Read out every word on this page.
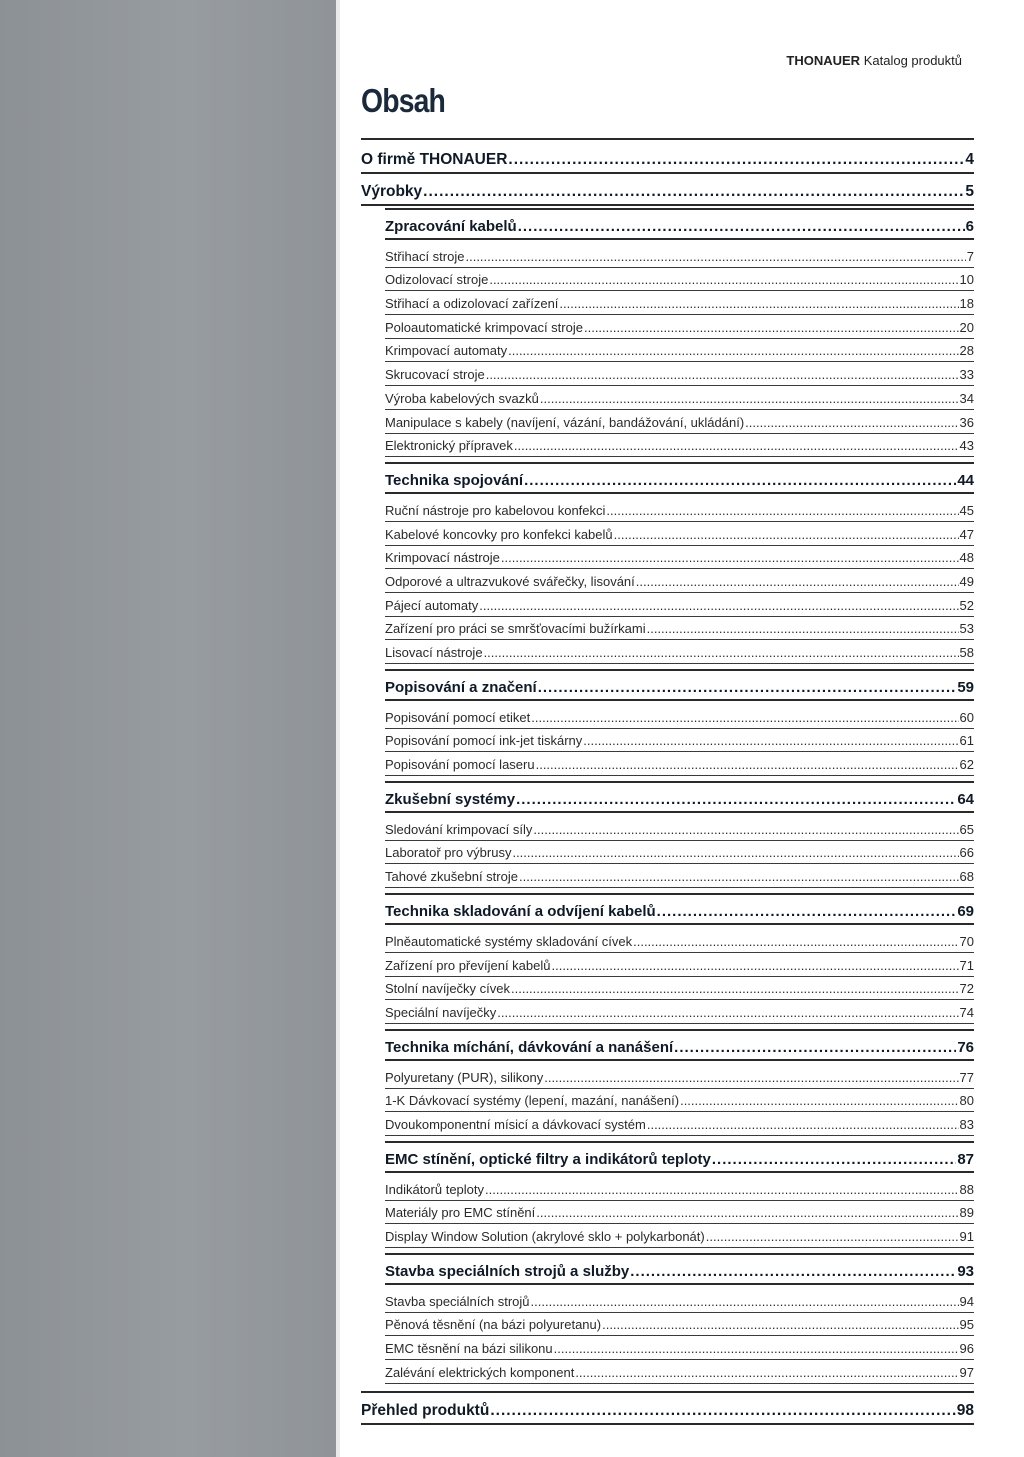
THONAUER Katalog produktů
Obsah
O firmě THONAUER .....	4
Výrobky .....	5
Zpracování kabelů .....	6
Střihací stroje .....	7
Odizolovací stroje .....	10
Střihací a odizolovací zařízení .....	18
Poloautomatické krimpovací stroje .....	20
Krimpovací automaty .....	28
Skrucovací stroje .....	33
Výroba kabelových svazků .....	34
Manipulace s kabely (navíjení, vázání, bandážování, ukládání) .....	36
Elektronický přípravek .....	43
Technika spojování .....	44
Ruční nástroje pro kabelovou konfekci .....	45
Kabelové koncovky pro konfekci kabelů .....	47
Krimpovací nástroje .....	48
Odporové a ultrazvukové svářečky, lisování .....	49
Pájecí automaty .....	52
Zařízení pro práci se smršťovacími bužírkami .....	53
Lisovací nástroje .....	58
Popisování a značení .....	59
Popisování pomocí etiket .....	60
Popisování pomocí ink-jet tiskárny .....	61
Popisování pomocí laseru .....	62
Zkušební systémy .....	64
Sledování krimpovací síly .....	65
Laboratoř pro výbrusy .....	66
Tahové zkušební stroje .....	68
Technika skladování a odvíjení kabelů .....	69
Plněautomatické systémy skladování cívek .....	70
Zařízení pro převíjení kabelů .....	71
Stolní navíječky cívek .....	72
Speciální navíječky .....	74
Technika míchání, dávkování a nanášení .....	76
Polyuretany (PUR), silikony .....	77
1-K Dávkovací systémy (lepení, mazání, nanášení) .....	80
Dvoukomponentní mísicí a dávkovací systém .....	83
EMC stínění, optické filtry a indikátorů teploty .....	87
Indikátorů teploty .....	88
Materiály pro EMC stínění .....	89
Display Window Solution (akrylové sklo + polykarbonát) .....	91
Stavba speciálních strojů a služby .....	93
Stavba speciálních strojů .....	94
Pěnová těsnění (na bázi polyuretanu) .....	95
EMC těsnění na bázi silikonu .....	96
Zalévání elektrických komponent .....	97
Přehled produktů .....	98
